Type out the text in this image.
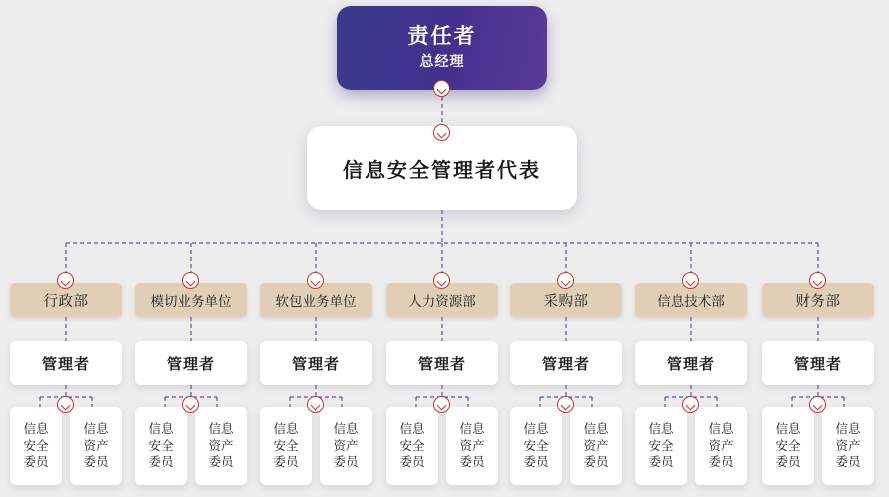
责任者
总经理
信息安全管理者代表
行政部
管理者
信息
安全
委员
信息
资产
委员
模切业务单位
管理者
信息
安全
委员
信息
资产
委员
软包业务单位
管理者
信息
安全
委员
信息
资产
委员
人力资源部
管理者
信息
安全
委员
信息
资产
委员
采购部
管理者
信息
安全
委员
信息
资产
委员
信息技术部
管理者
信息
安全
委员
信息
资产
委员
财务部
管理者
信息
安全
委员
信息
资产
委员
